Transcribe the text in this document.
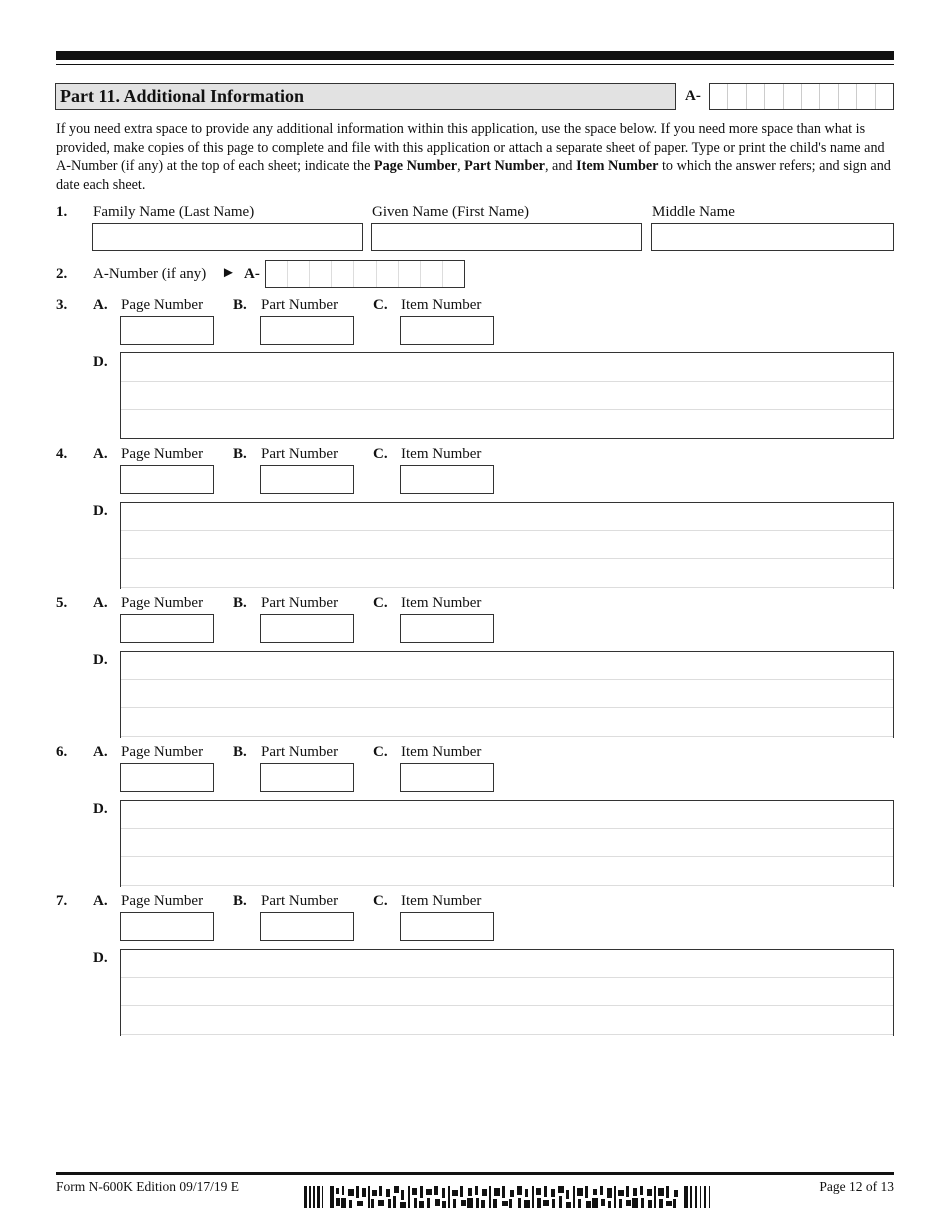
Part 11. Additional Information	A-
If you need extra space to provide any additional information within this application, use the space below. If you need more space than what is provided, make copies of this page to complete and file with this application or attach a separate sheet of paper. Type or print the child's name and A-Number (if any) at the top of each sheet; indicate the Page Number, Part Number, and Item Number to which the answer refers; and sign and date each sheet.
1. Family Name (Last Name)	Given Name (First Name)	Middle Name
2. A-Number (if any) ► A-
3. A. Page Number B. Part Number C. Item Number
D.
4. A. Page Number B. Part Number C. Item Number
D.
5. A. Page Number B. Part Number C. Item Number
D.
6. A. Page Number B. Part Number C. Item Number
D.
7. A. Page Number B. Part Number C. Item Number
D.
Form N-600K Edition 09/17/19 E	Page 12 of 13
